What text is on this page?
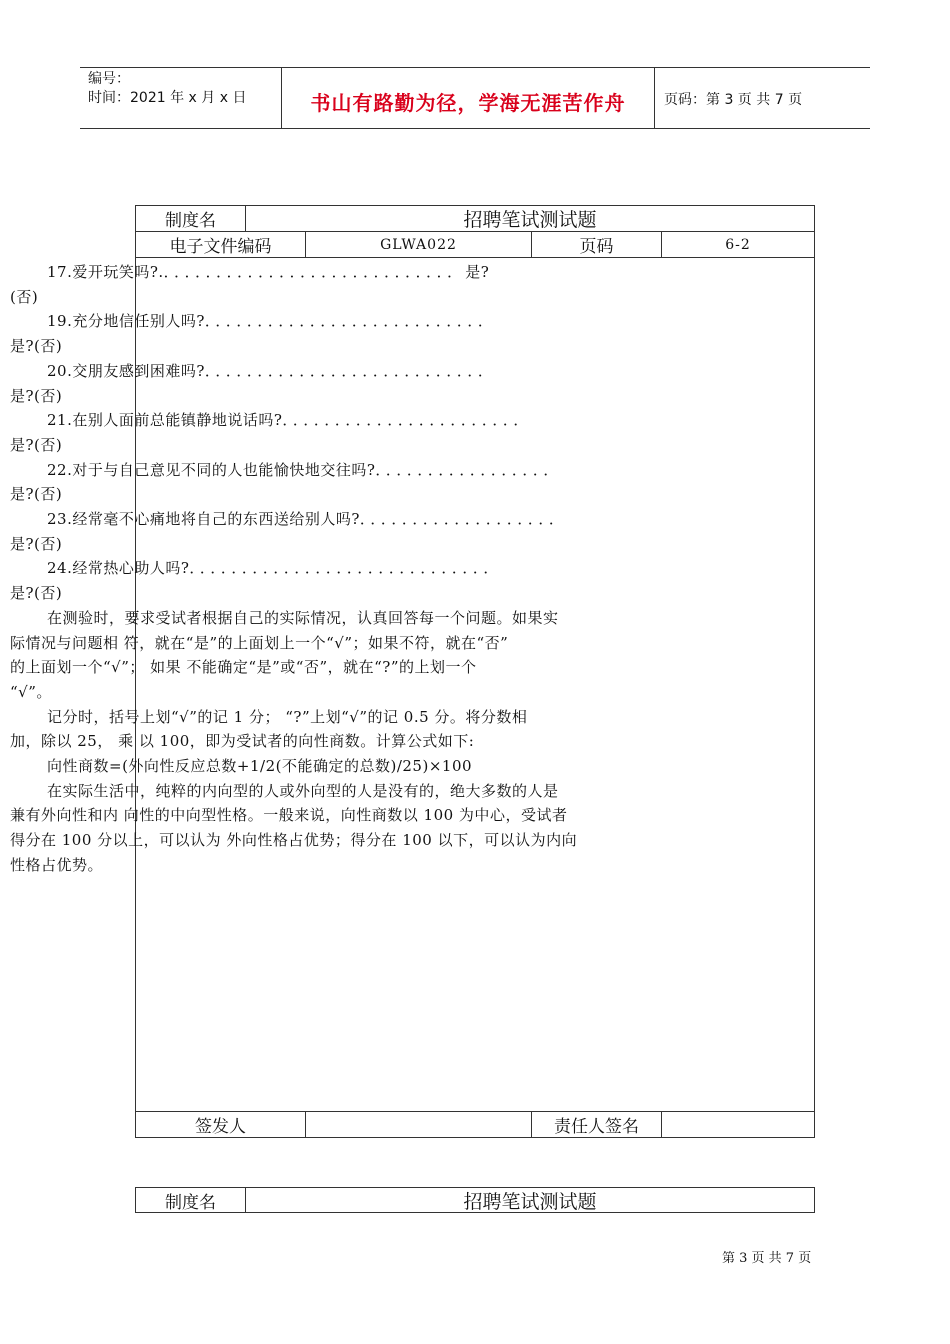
编号：
时间：2021 年 x 月 x 日	书山有路勤为径，学海无涯苦作舟	页码：第 3 页 共 7 页
制度名	招聘笔试测试题
电子文件编码	GLWA022	页码	6-2
签发人	责任人签名

17.爱开玩笑吗?.．．．．．．．．．．．．．．．．．．．．．．．．．．．．是?

(否)

19.充分地信任别人吗?．．．．．．．．．．．．．．．．．．．．．．．．．．．

是?(否)

20.交朋友感到困难吗?．．．．．．．．．．．．．．．．．．．．．．．．．．．

是?(否)

21.在别人面前总能镇静地说话吗?．．．．．．．．．．．．．．．．．．．．．．．

是?(否)

22.对于与自己意见不同的人也能愉快地交往吗?．．．．．．．．．．．．．．．．．

是?(否)

23.经常毫不心痛地将自己的东西送给别人吗?．．．．．．．．．．．．．．．．．．．

是?(否)

24.经常热心助人吗?．．．．．．．．．．．．．．．．．．．．．．．．．．．．．

是?(否)

在测验时，要求受试者根据自己的实际情况，认真回答每一个问题。如果实

际情况与问题相 符，就在“是”的上面划上一个“√”；如果不符，就在“否”

的上面划一个“√”； 如果 不能确定“是”或“否”，就在“?”的上划一个

“√”。

记分时，括号上划“√”的记 1 分； “?”上划“√”的记 0.5 分。将分数相

加，除以 25， 乘 以 100，即为受试者的向性商数。计算公式如下:

向性商数=(外向性反应总数+1/2(不能确定的总数)/25)×100

在实际生活中，纯粹的内向型的人或外向型的人是没有的，绝大多数的人是

兼有外向性和内 向性的中向型性格。一般来说，向性商数以 100 为中心，受试者

得分在 100 分以上，可以认为 外向性格占优势；得分在 100 以下，可以认为内向

性格占优势。

制度名	招聘笔试测试题
第 3 页 共 7 页
